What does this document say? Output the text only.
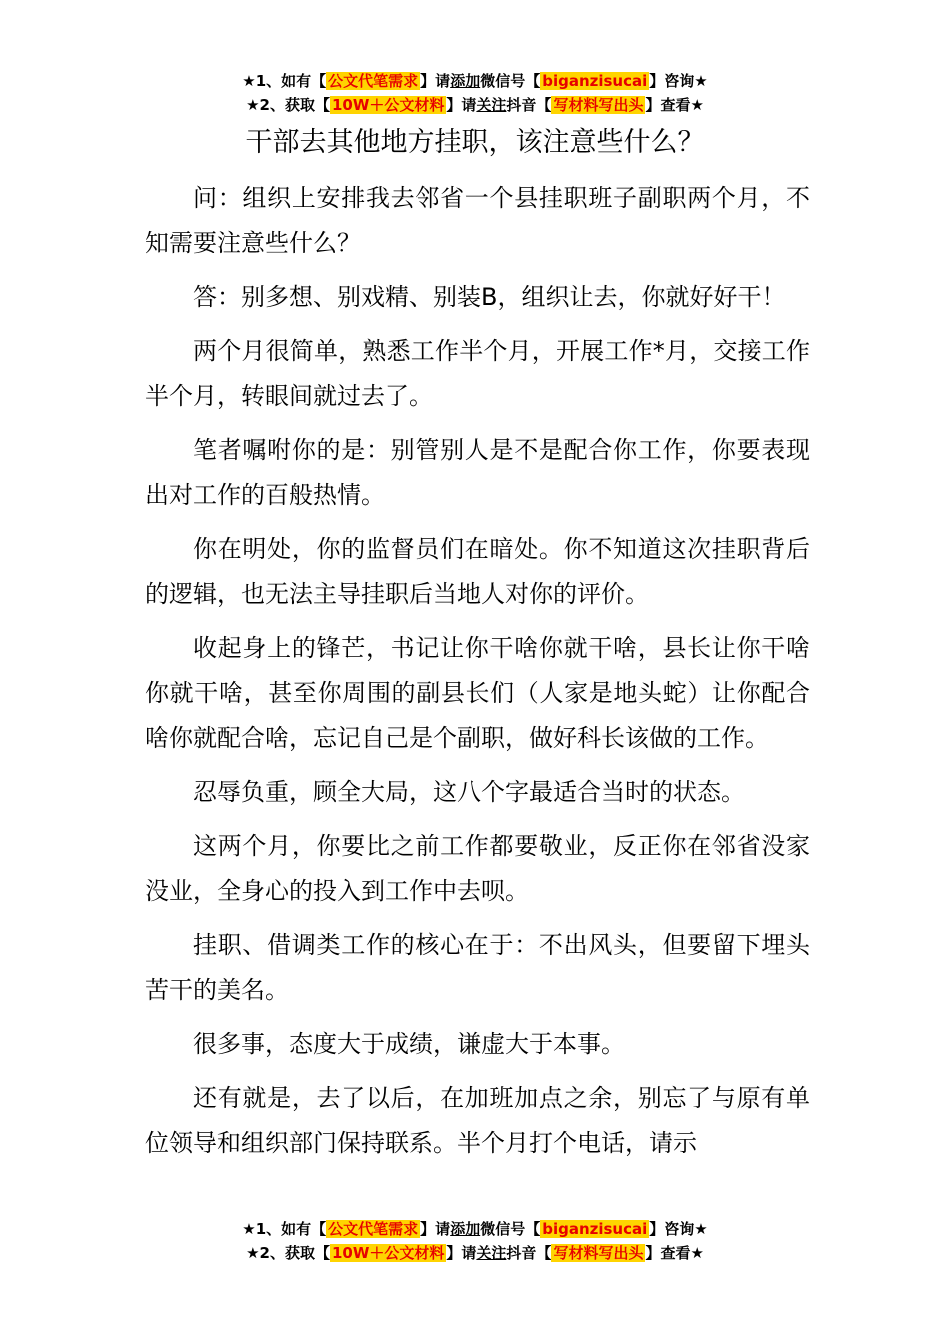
★1、如有【 公文代笔需求 】请添加微信号【 biganzisucai 】咨询★
★2、获取【 10W＋公文材料 】请关注抖音【 写材料写出头 】查看★
干部去其他地方挂职，该注意些什么？

问：组织上安排我去邻省一个县挂职班子副职两个月，不知需要注意些什么？

答：别多想、别戏精、别装B，组织让去，你就好好干！

两个月很简单，熟悉工作半个月，开展工作*月，交接工作半个月，转眼间就过去了。

笔者嘱咐你的是：别管别人是不是配合你工作，你要表现出对工作的百般热情。

你在明处，你的监督员们在暗处。你不知道这次挂职背后的逻辑，也无法主导挂职后当地人对你的评价。

收起身上的锋芒，书记让你干啥你就干啥，县长让你干啥你就干啥，甚至你周围的副县长们（人家是地头蛇）让你配合啥你就配合啥，忘记自己是个副职，做好科长该做的工作。

忍辱负重，顾全大局，这八个字最适合当时的状态。

这两个月，你要比之前工作都要敬业，反正你在邻省没家没业，全身心的投入到工作中去呗。

挂职、借调类工作的核心在于：不出风头，但要留下埋头苦干的美名。

很多事，态度大于成绩，谦虚大于本事。

还有就是，去了以后，在加班加点之余，别忘了与原有单位领导和组织部门保持联系。半个月打个电话，请示

★1、如有【 公文代笔需求 】请添加微信号【 biganzisucai 】咨询★
★2、获取【 10W＋公文材料 】请关注抖音【 写材料写出头 】查看★
